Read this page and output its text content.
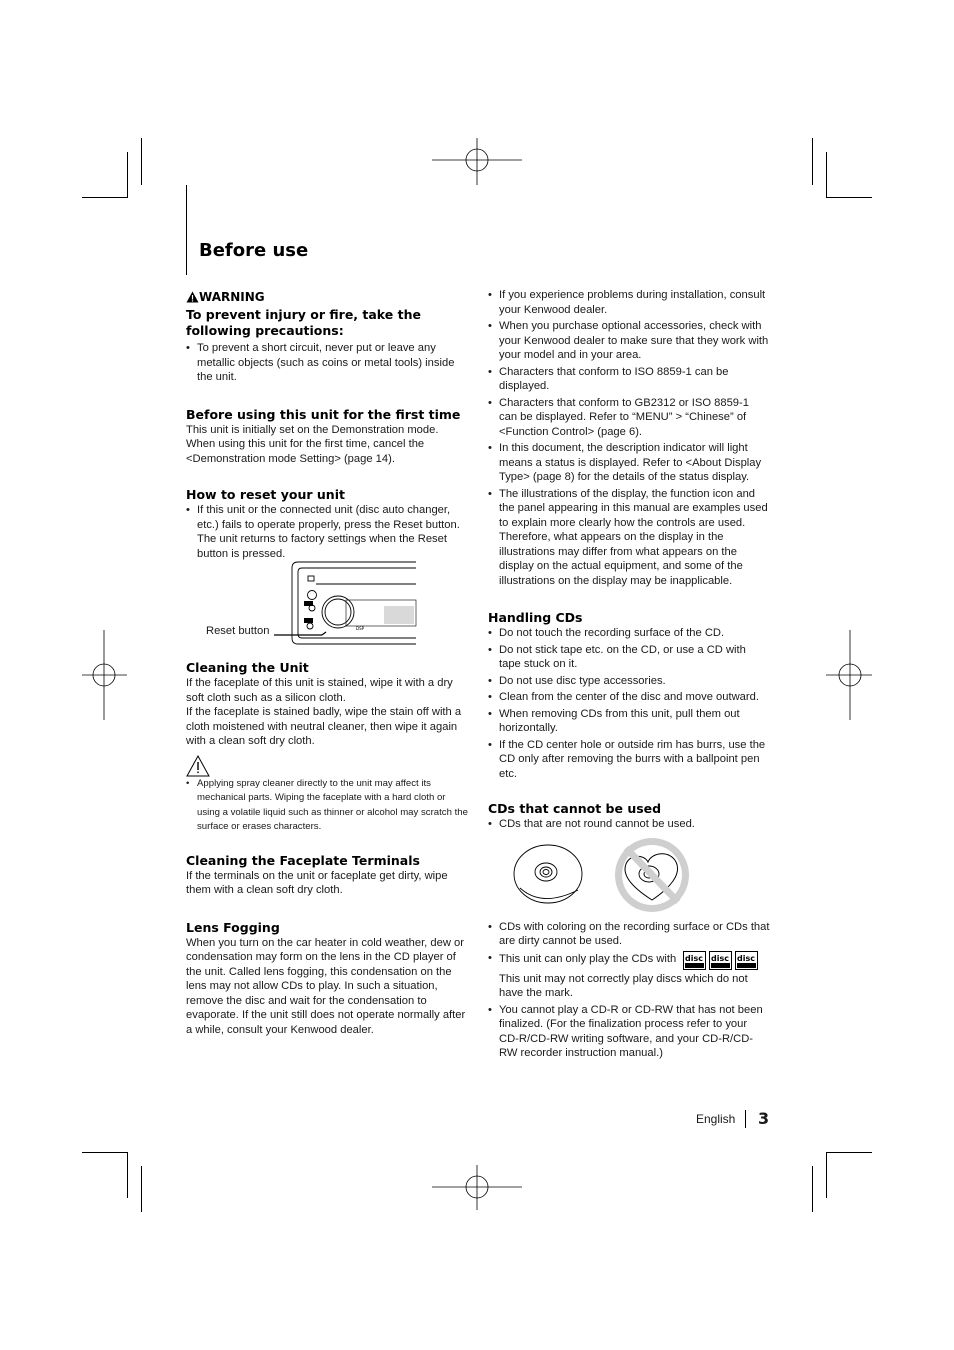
Before use
WARNING
To prevent injury or fire, take the following precautions:
• To prevent a short circuit, never put or leave any metallic objects (such as coins or metal tools) inside the unit.
Before using this unit for the first time

This unit is initially set on the Demonstration mode. When using this unit for the first time, cancel the <Demonstration mode Setting> (page 14).

How to reset your unit
• If this unit or the connected unit (disc auto changer, etc.) fails to operate properly, press the Reset button. The unit returns to factory settings when the Reset button is pressed.
DSP
Reset button
Cleaning the Unit

If the faceplate of this unit is stained, wipe it with a dry soft cloth such as a silicon cloth.

If the faceplate is stained badly, wipe the stain off with a cloth moistened with neutral cleaner, then wipe it again with a clean soft dry cloth.

• Applying spray cleaner directly to the unit may affect its mechanical parts. Wiping the faceplate with a hard cloth or using a volatile liquid such as thinner or alcohol may scratch the surface or erases characters.
Cleaning the Faceplate Terminals

If the terminals on the unit or faceplate get dirty, wipe them with a clean soft dry cloth.

Lens Fogging

When you turn on the car heater in cold weather, dew or condensation may form on the lens in the CD player of the unit. Called lens fogging, this condensation on the lens may not allow CDs to play. In such a situation, remove the disc and wait for the condensation to evaporate. If the unit still does not operate normally after a while, consult your Kenwood dealer.

• If you experience problems during installation, consult your Kenwood dealer.
• When you purchase optional accessories, check with your Kenwood dealer to make sure that they work with your model and in your area.
• Characters that conform to ISO 8859-1 can be displayed.
• Characters that conform to GB2312 or ISO 8859-1 can be displayed. Refer to “MENU” > “Chinese” of <Function Control> (page 6).
• In this document, the description indicator will light means a status is displayed. Refer to <About Display Type> (page 8) for the details of the status display.
• The illustrations of the display, the function icon and the panel appearing in this manual are examples used to explain more clearly how the controls are used. Therefore, what appears on the display in the illustrations may differ from what appears on the display on the actual equipment, and some of the illustrations on the display may be inapplicable.
Handling CDs
• Do not touch the recording surface of the CD.
• Do not stick tape etc. on the CD, or use a CD with tape stuck on it.
• Do not use disc type accessories.
• Clean from the center of the disc and move outward.
• When removing CDs from this unit, pull them out horizontally.
• If the CD center hole or outside rim has burrs, use the CD only after removing the burrs with a ballpoint pen etc.
CDs that cannot be used
• CDs that are not round cannot be used.
• CDs with coloring on the recording surface or CDs that are dirty cannot be used.
• This unit can only play the CDs with disc disc disc
This unit may not correctly play discs which do not have the mark.
• You cannot play a CD-R or CD-RW that has not been finalized. (For the finalization process refer to your CD-R/CD-RW writing software, and your CD-R/CD-RW recorder instruction manual.)
English 3
